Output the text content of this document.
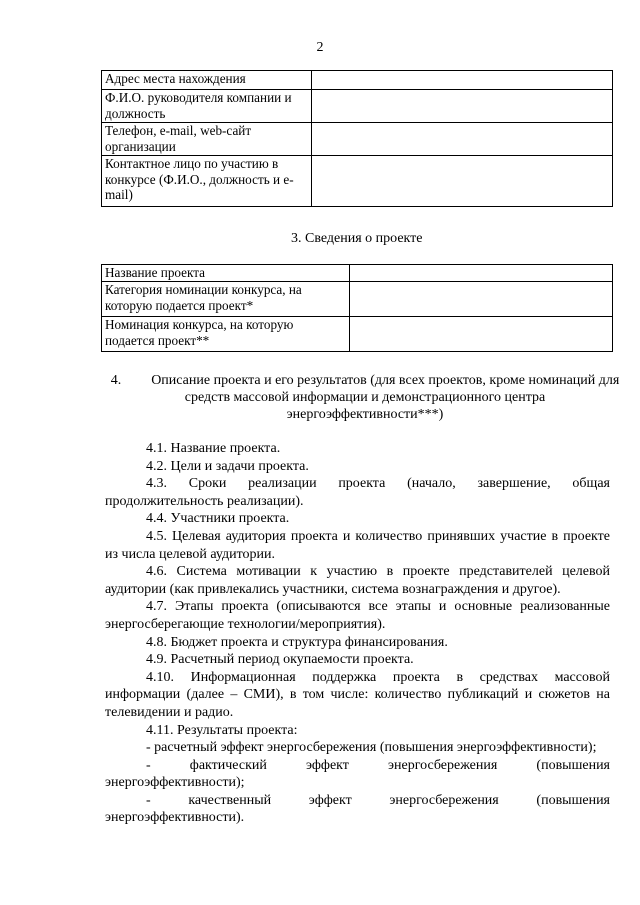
2
Адрес места нахождения	
Ф.И.О. руководителя компании и должность	
Телефон, e-mail, web-сайт организации	
Контактное лицо по участию в конкурсе (Ф.И.О., должность и e-mail)	
3. Сведения о проекте
Название проекта	
Категория номинации конкурса, на которую подается проект*	
Номинация конкурса, на которую подается проект**	
4. Описание проекта и его результатов (для всех проектов, кроме номинаций для средств массовой информации и демонстрационного центра энергоэффективности***)

4.1. Название проекта.

4.2. Цели и задачи проекта.

4.3. Сроки реализации проекта (начало, завершение, общая продолжительность реализации).

4.4. Участники проекта.

4.5. Целевая аудитория проекта и количество принявших участие в проекте из числа целевой аудитории.

4.6. Система мотивации к участию в проекте представителей целевой аудитории (как привлекались участники, система вознаграждения и другое).

4.7. Этапы проекта (описываются все этапы и основные реализованные энергосберегающие технологии/мероприятия).

4.8. Бюджет проекта и структура финансирования.

4.9. Расчетный период окупаемости проекта.

4.10. Информационная поддержка проекта в средствах массовой информации (далее – СМИ), в том числе: количество публикаций и сюжетов на телевидении и радио.

4.11. Результаты проекта:

- расчетный эффект энергосбережения (повышения энергоэффективности);

- фактический эффект энергосбережения (повышения энергоэффективности);

- качественный эффект энергосбережения (повышения энергоэффективности).
